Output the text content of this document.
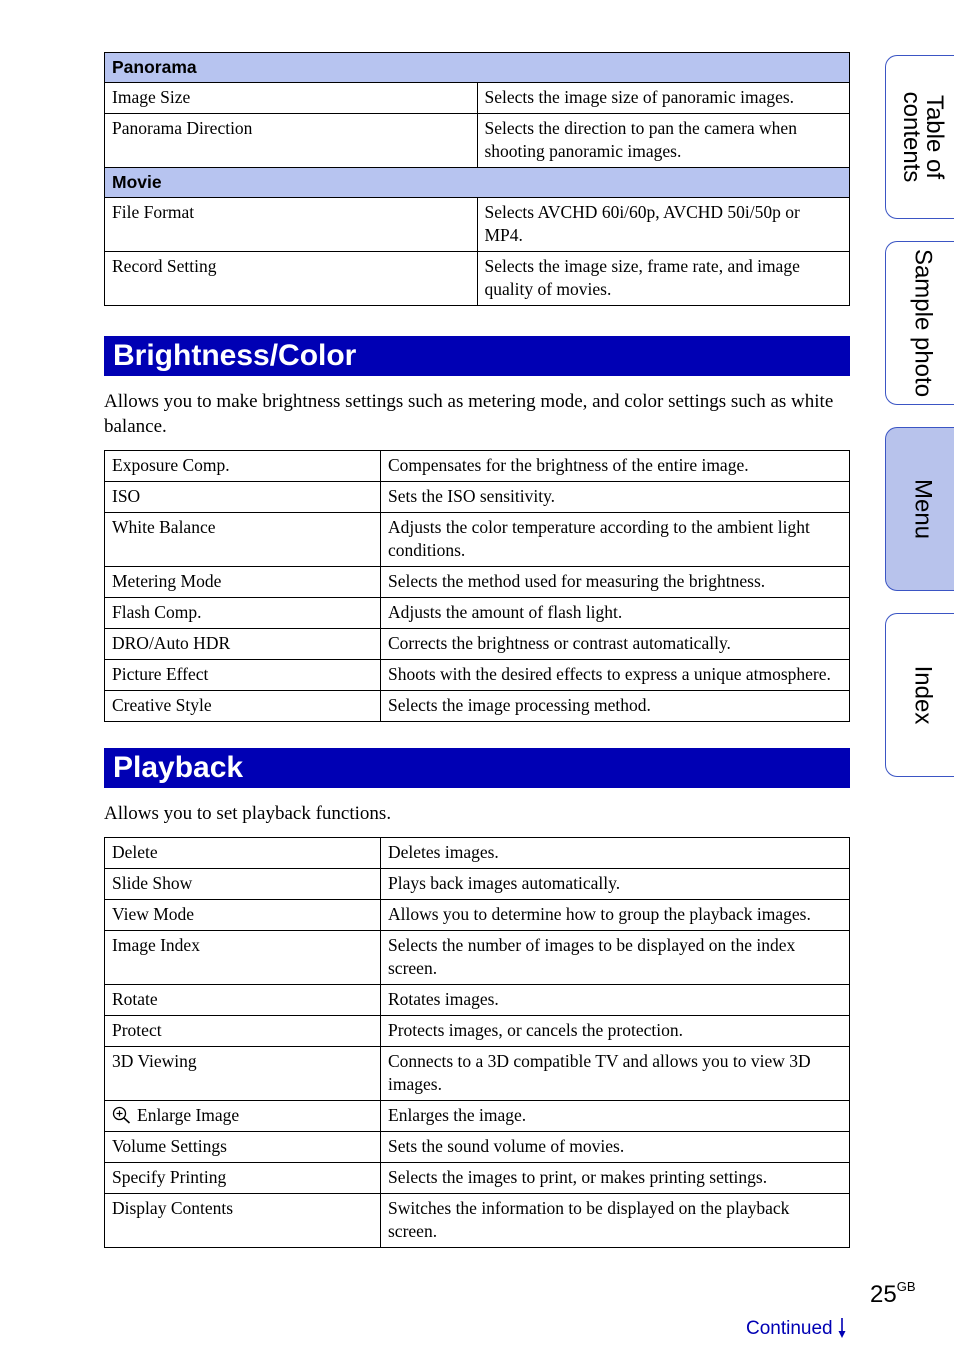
Panorama	
Image Size	Selects the image size of panoramic images.
Panorama Direction	Selects the direction to pan the camera when shooting panoramic images.
Movie	
File Format	Selects AVCHD 60i/60p, AVCHD 50i/50p or MP4.
Record Setting	Selects the image size, frame rate, and image quality of movies.
Brightness/Color

Allows you to make brightness settings such as metering mode, and color settings such as white balance.

Exposure Comp.	Compensates for the brightness of the entire image.
ISO	Sets the ISO sensitivity.
White Balance	Adjusts the color temperature according to the ambient light conditions.
Metering Mode	Selects the method used for measuring the brightness.
Flash Comp.	Adjusts the amount of flash light.
DRO/Auto HDR	Corrects the brightness or contrast automatically.
Picture Effect	Shoots with the desired effects to express a unique atmosphere.
Creative Style	Selects the image processing method.
Playback

Allows you to set playback functions.

Delete	Deletes images.
Slide Show	Plays back images automatically.
View Mode	Allows you to determine how to group the playback images.
Image Index	Selects the number of images to be displayed on the index screen.
Rotate	Rotates images.
Protect	Protects images, or cancels the protection.
3D Viewing	Connects to a 3D compatible TV and allows you to view 3D images.
Enlarge Image	Enlarges the image.
Volume Settings	Sets the sound volume of movies.
Specify Printing	Selects the images to print, or makes printing settings.
Display Contents	Switches the information to be displayed on the playback screen.
Table of
contents
Sample photo
Menu
Index
$25^{GB}$
Continued
